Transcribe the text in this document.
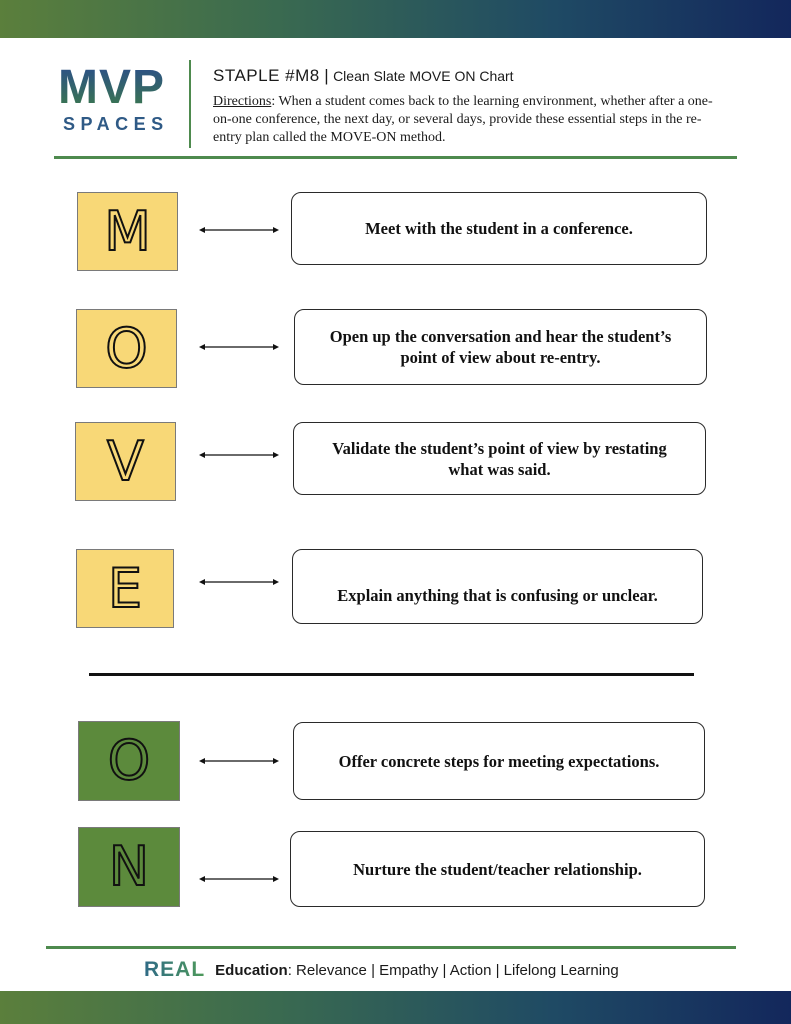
MVP
SPACES
STAPLE #M8 | Clean Slate MOVE ON Chart
Directions: When a student comes back to the learning environment, whether after a one-on-one conference, the next day, or several days, provide these essential steps in the re-entry plan called the MOVE-ON method.
M	Meet with the student in a conference.
O	Open up the conversation and hear the student’s point of view about re-entry.
V	Validate the student’s point of view by restating what was said.
E	Explain anything that is confusing or unclear.
O	Offer concrete steps for meeting expectations.
N	Nurture the student/teacher relationship.
REAL Education : Relevance | Empathy | Action | Lifelong Learning
